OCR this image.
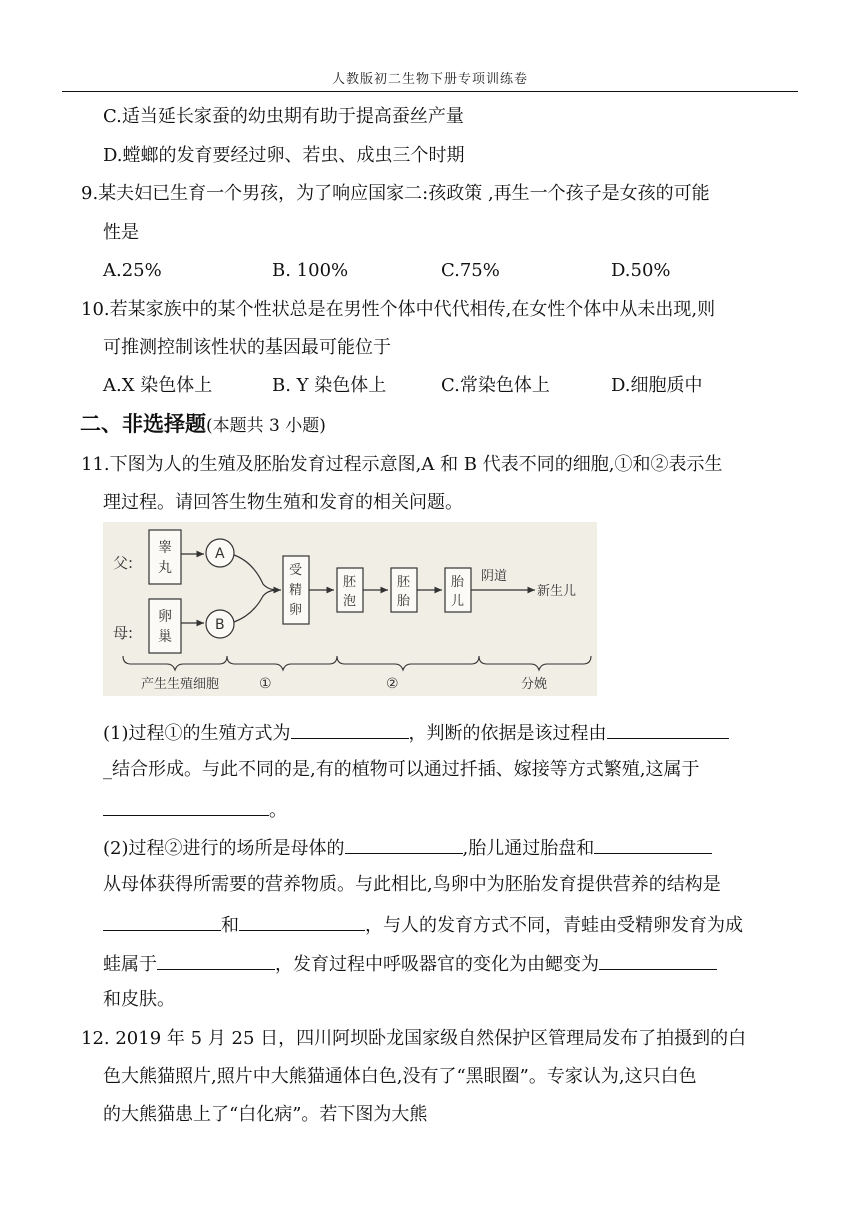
人教版初二生物下册专项训练卷
C.适当延长家蚕的幼虫期有助于提高蚕丝产量
D.螳螂的发育要经过卵、若虫、成虫三个时期
9.某夫妇已生育一个男孩，为了响应国家二:孩政策 ,再生一个孩子是女孩的可能
性是
A.25%	B. 100%	C.75%	D.50%
10.若某家族中的某个性状总是在男性个体中代代相传,在女性个体中从未出现,则
可推测控制该性状的基因最可能位于
A.X 染色体上	B. Y 染色体上	C.常染色体上	D.细胞质中
二、非选择题(本题共 3 小题)
11.下图为人的生殖及胚胎发育过程示意图,A 和 B 代表不同的细胞,①和②表示生
理过程。请回答生物生殖和发育的相关问题。
父:
母:
睾
丸
卵
巢
A
B
受
精
卵
胚
泡
胚
胎
胎
儿
阴道
新生儿
产生生殖细胞	①	②	分娩
(1)过程①的生殖方式为	，判断的依据是该过程由
_结合形成。与此不同的是,有的植物可以通过扦插、嫁接等方式繁殖,这属于
。
(2)过程②进行的场所是母体的	,胎儿通过胎盘和
从母体获得所需要的营养物质。与此相比,鸟卵中为胚胎发育提供营养的结构是
和	，与人的发育方式不同，青蛙由受精卵发育为成
蛙属于	，发育过程中呼吸器官的变化为由鳃变为
和皮肤。
12. 2019 年 5 月 25 日，四川阿坝卧龙国家级自然保护区管理局发布了拍摄到的白
色大熊猫照片,照片中大熊猫通体白色,没有了“黑眼圈”。专家认为,这只白色
的大熊猫患上了“白化病”。若下图为大熊
